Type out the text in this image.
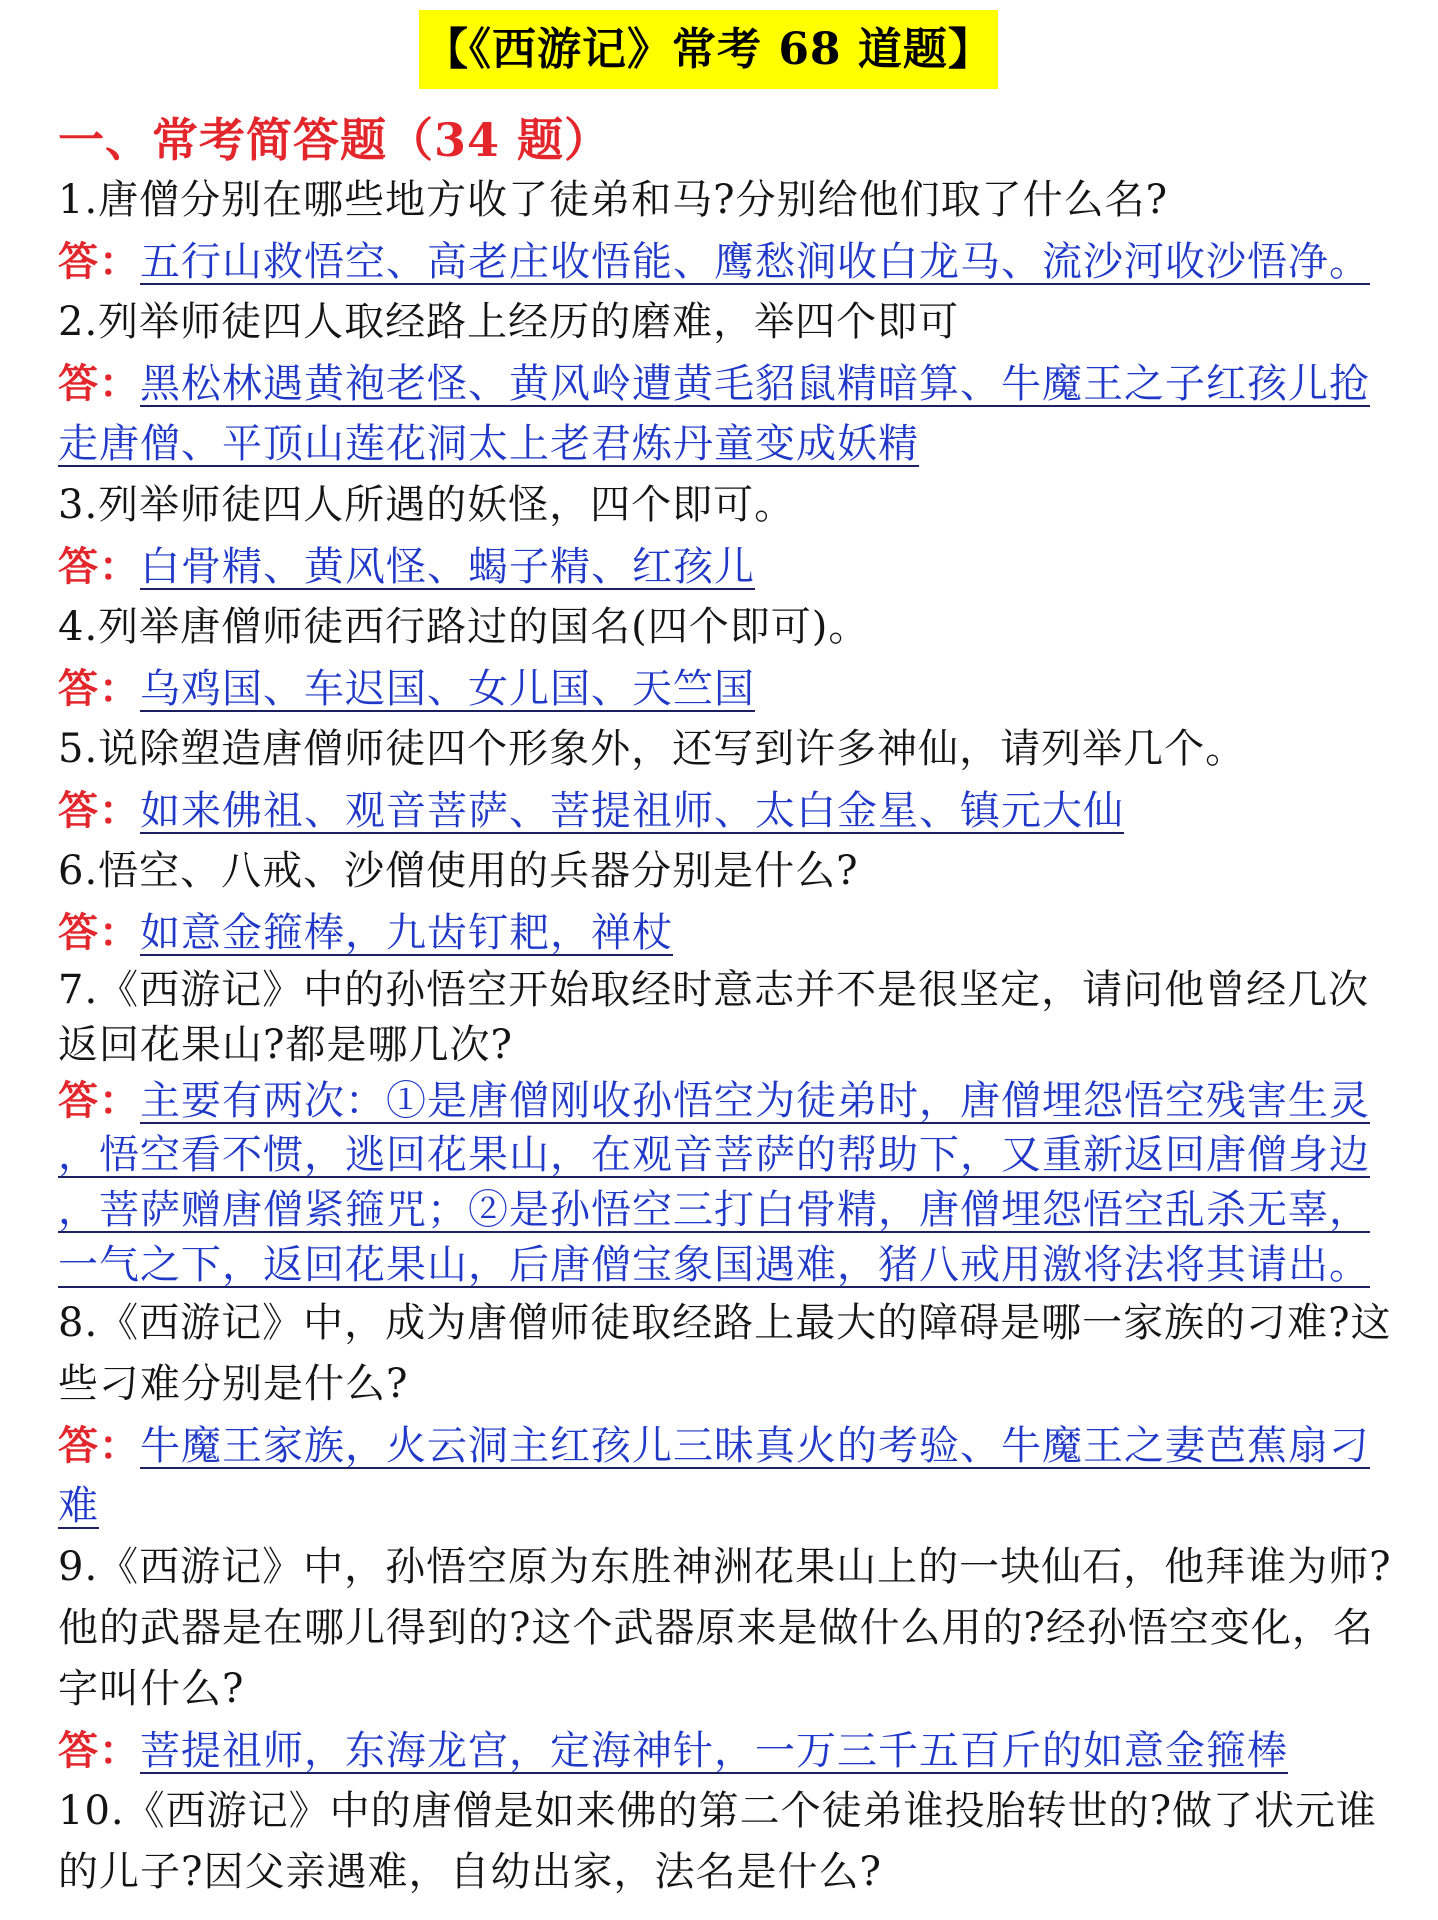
【《西游记》常考 68 道题】
一、常考简答题（34 题）
1.唐僧分别在哪些地方收了徒弟和马?分别给他们取了什么名?
答：五行山救悟空、高老庄收悟能、鹰愁涧收白龙马、流沙河收沙悟净。
2.列举师徒四人取经路上经历的磨难，举四个即可
答：黑松林遇黄袍老怪、黄风岭遭黄毛貂鼠精暗算、牛魔王之子红孩儿抢
走唐僧、平顶山莲花洞太上老君炼丹童变成妖精
3.列举师徒四人所遇的妖怪，四个即可。
答：白骨精、黄风怪、蝎子精、红孩儿
4.列举唐僧师徒西行路过的国名(四个即可)。
答：乌鸡国、车迟国、女儿国、天竺国
5.说除塑造唐僧师徒四个形象外，还写到许多神仙，请列举几个。
答：如来佛祖、观音菩萨、菩提祖师、太白金星、镇元大仙
6.悟空、八戒、沙僧使用的兵器分别是什么?
答：如意金箍棒，九齿钉耙，禅杖
7.《西游记》中的孙悟空开始取经时意志并不是很坚定，请问他曾经几次
返回花果山?都是哪几次?
答：主要有两次：①是唐僧刚收孙悟空为徒弟时，唐僧埋怨悟空残害生灵
，悟空看不惯，逃回花果山，在观音菩萨的帮助下，又重新返回唐僧身边
，菩萨赠唐僧紧箍咒；②是孙悟空三打白骨精，唐僧埋怨悟空乱杀无辜，
一气之下，返回花果山，后唐僧宝象国遇难，猪八戒用激将法将其请出。
8.《西游记》中，成为唐僧师徒取经路上最大的障碍是哪一家族的刁难?这
些刁难分别是什么?
答：牛魔王家族，火云洞主红孩儿三昧真火的考验、牛魔王之妻芭蕉扇刁
难
9.《西游记》中，孙悟空原为东胜神洲花果山上的一块仙石，他拜谁为师?
他的武器是在哪儿得到的?这个武器原来是做什么用的?经孙悟空变化，名
字叫什么?
答：菩提祖师，东海龙宫，定海神针，一万三千五百斤的如意金箍棒
10.《西游记》中的唐僧是如来佛的第二个徒弟谁投胎转世的?做了状元谁
的儿子?因父亲遇难，自幼出家，法名是什么?
